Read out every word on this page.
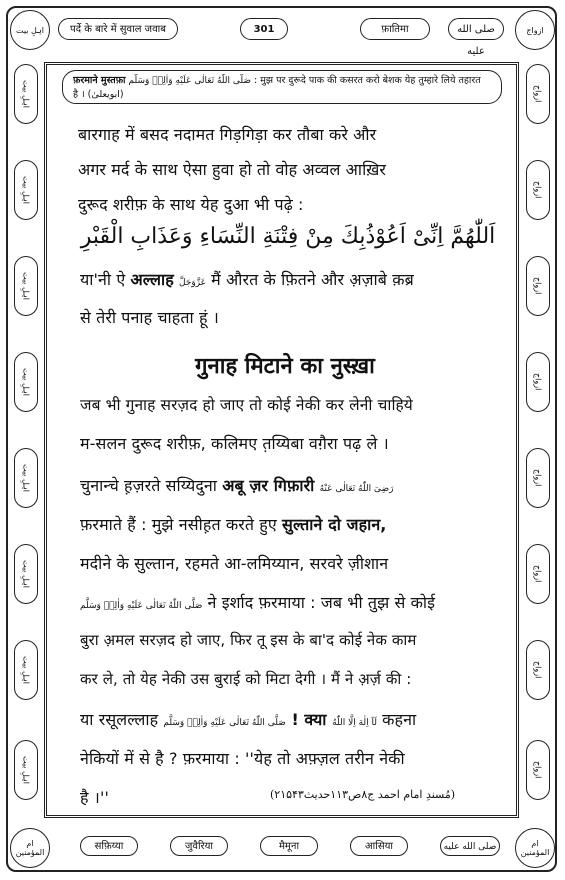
اہلِ بیت	ازواج
ام المؤمنین
ام المؤمنین
पर्दे के बारे में सुवाल जवाब	301	फ़ातिमा	صلى الله عليه
اہلِ بیت
اہلِ بیت
اہلِ بیت
اہلِ بیت
اہلِ بیت
اہلِ بیت
اہلِ بیت
اہلِ بیت
ازواج
ازواج
ازواج
ازواج
ازواج
ازواج
ازواج
ازواج
फ़रमाने मुस्तफ़ा صَلَّى اللّٰهُ تَعَالٰی عَلَیْهِ وَاٰلِهٖ وَسَلَّم : मुझ पर दुरूदे पाक की कसरत करो बेशक येह तुम्हारे लिये तहारत
है । (ابویعلیٰ)
बारगाह में बसद नदामत गिड़गिड़ा कर तौबा करे और
अगर मर्द के साथ ऐसा हुवा हो तो वोह अव्वल आख़िर
दुरूद शरीफ़ के साथ येह दुआ भी पढ़े :
اَللّٰهُمَّ اِنِّیْ اَعُوْذُبِكَ مِنْ فِتْنَةِ النِّسَاءِ وَعَذَابِ الْقَبْرِ
या'नी ऐ अल्लाह عَزَّوَجَلَّ मैं औरत के फ़ितने और अ़ज़ाबे क़ब्र
से तेरी पनाह चाहता हूं ।
गुनाह मिटाने का नुस्ख़ा
जब भी गुनाह सरज़द हो जाए तो कोई नेकी कर लेनी चाहिये
म-सलन दुरूद शरीफ़, कलिमए त़य्यिबा वग़ैरा पढ़ ले ।
चुनान्चे ह़ज़रते सय्यिदुना अबू ज़र गिफ़ारी رَضِیَ اللّٰهُ تَعَالٰی عَنْهُ
फ़रमाते हैं : मुझे नसीह़त करते हुए सुल्ताने दो जहान,
मदीने के सुल्तान, रहमते आ-लमिय्यान, सरवरे ज़ीशान
صَلَّى اللّٰهُ تَعَالٰی عَلَیْهِ وَاٰلِهٖ وَسَلَّم ने इर्शाद फ़रमाया : जब भी तुझ से कोई
बुरा अ़मल सरज़द हो जाए, फिर तू इस के बा'द कोई नेक काम
कर ले, तो येह नेकी उस बुराई को मिटा देगी । मैं ने अ़र्ज़ की :
या रसूलल्लाह صَلَّى اللّٰهُ تَعَالٰی عَلَیْهِ وَاٰلِهٖ وَسَلَّم ! क्या لَآ اِلٰهَ اِلَّا اللّٰهُ कहना
नेकियों में से है ? फ़रमाया : ''येह तो अफ़्ज़ल तरीन नेकी
है ।''	(مُسندِ امام احمد ج۸ص۱۱۳حدیث۲۱۵۴۳)
सफ़िय्या	जुवैरिया	मैमूना	आसिया	صلى الله عليه
